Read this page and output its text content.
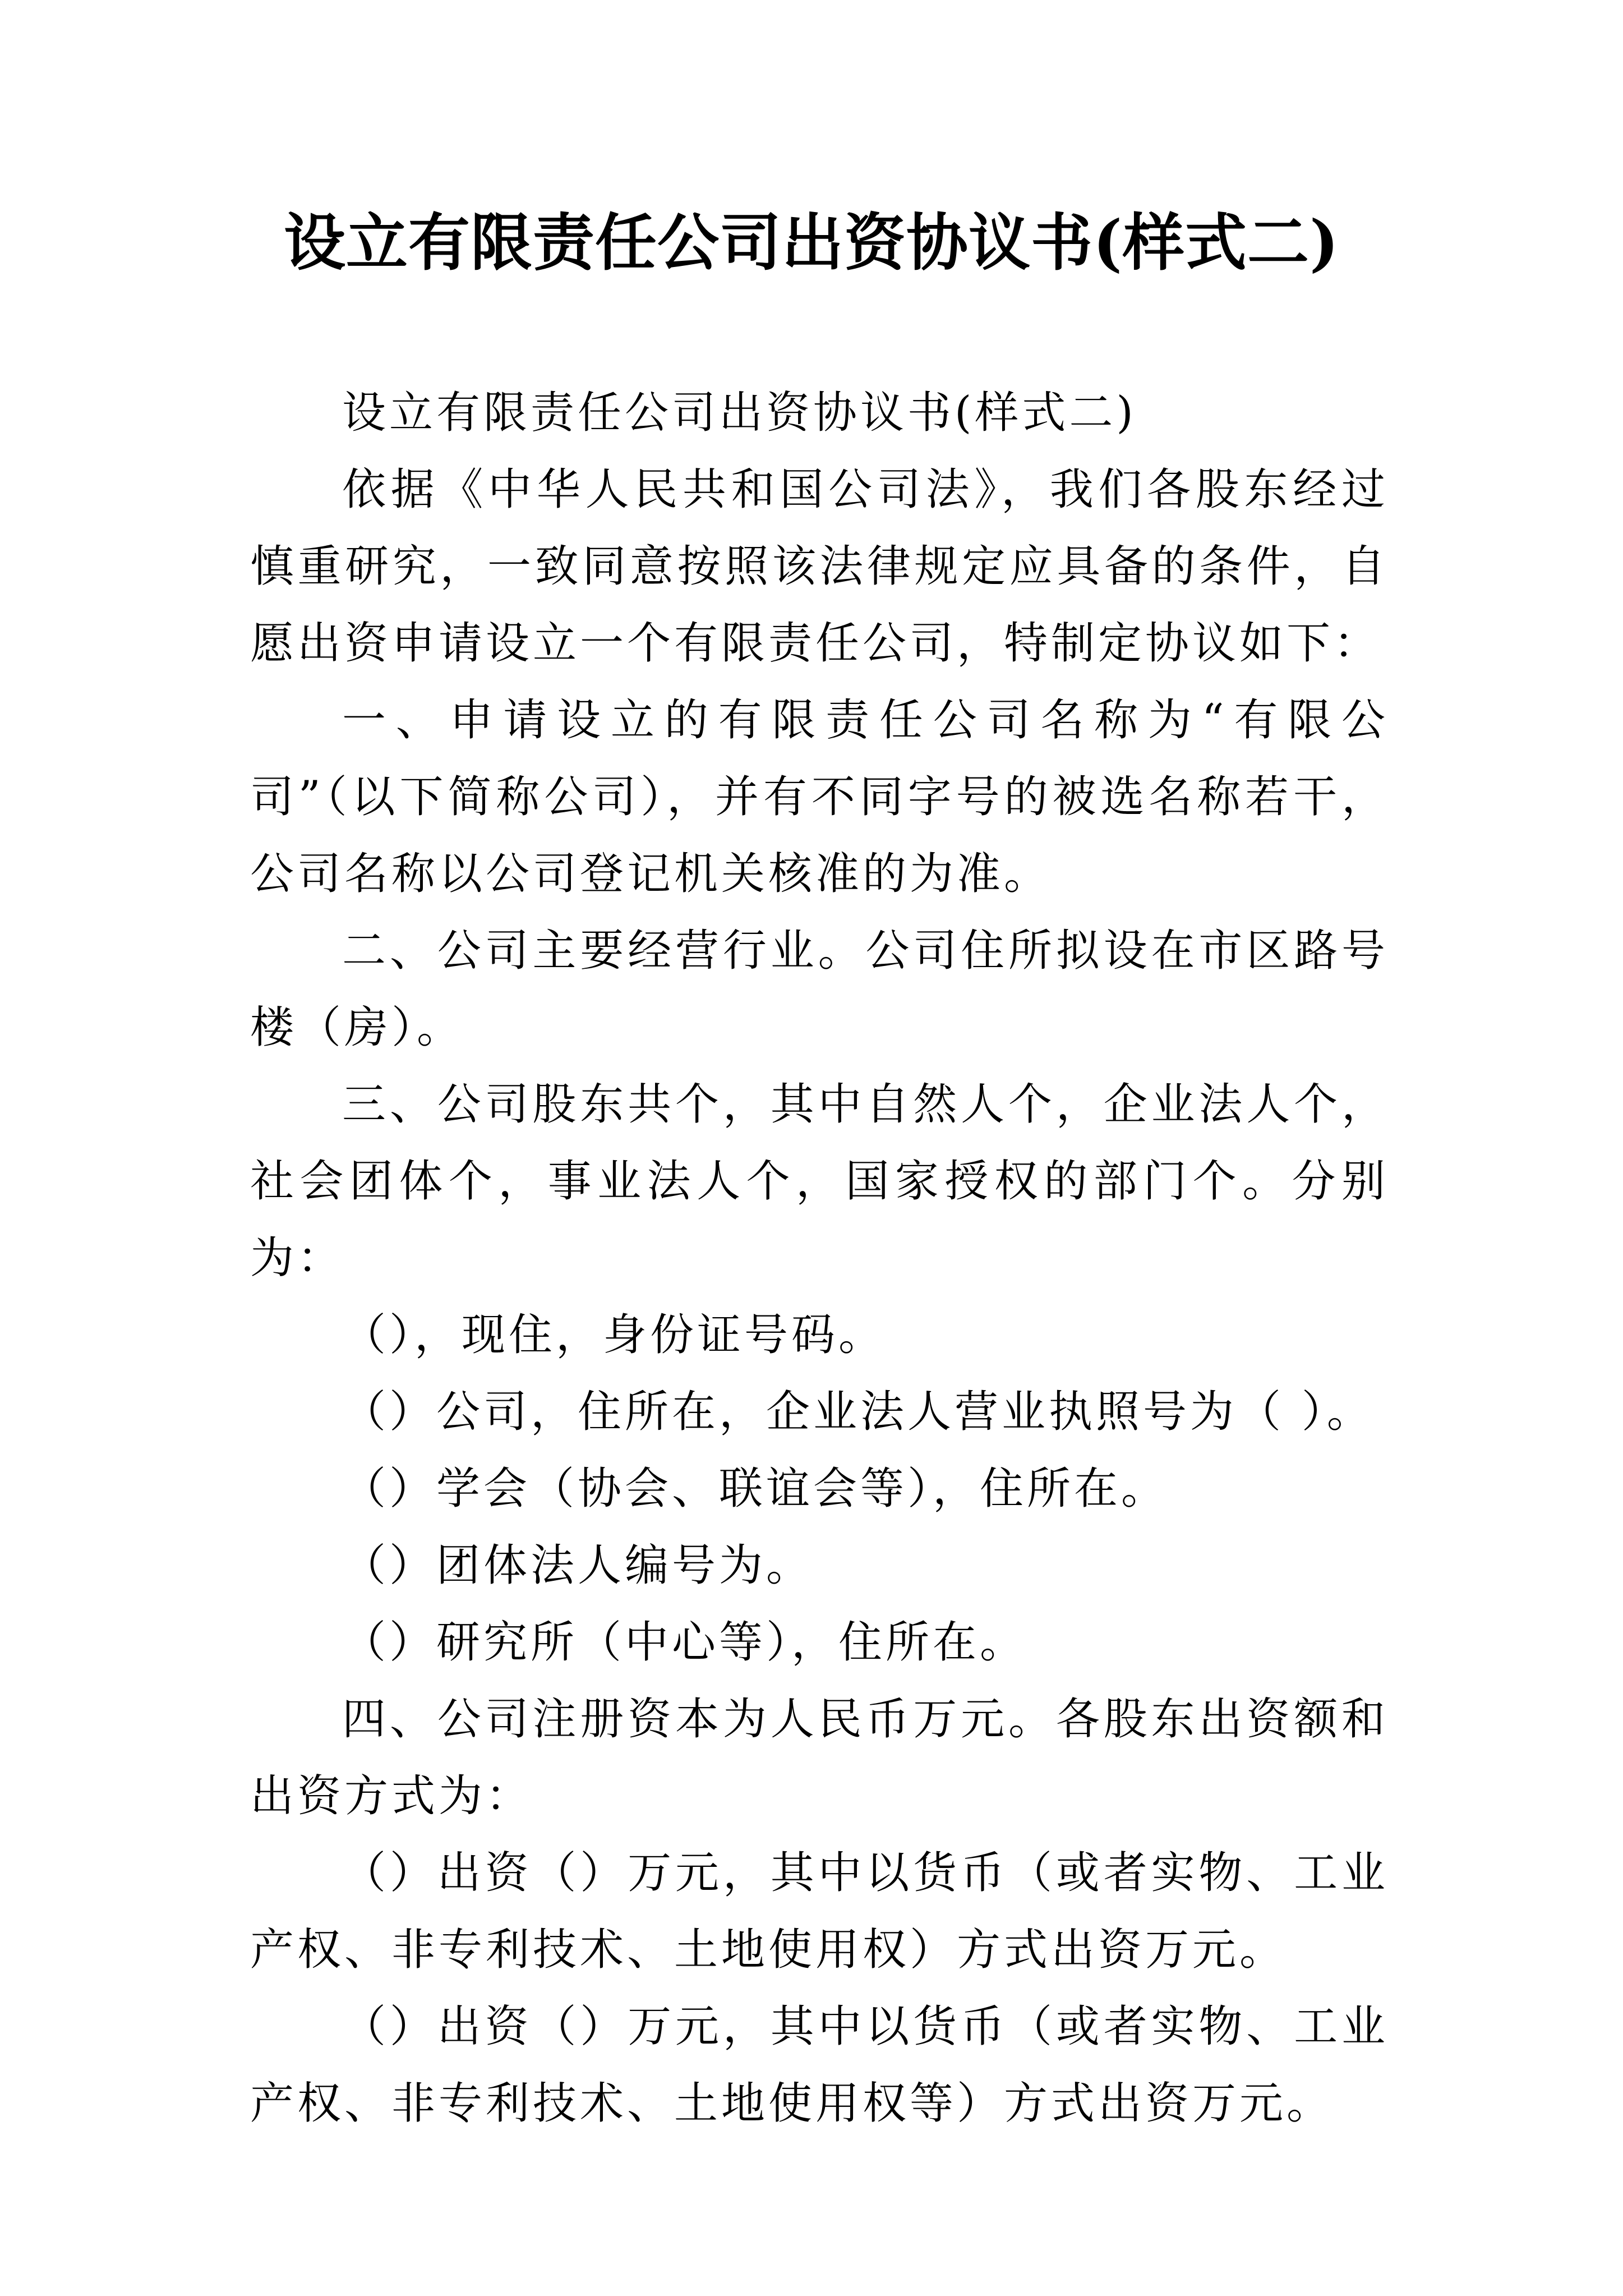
设立有限责任公司出资协议书(样式二)

设立有限责任公司出资协议书(样式二)

依据《中华人民共和国公司法》，我们各股东经过慎重研究，一致同意按照该法律规定应具备的条件，自愿出资申请设立一个有限责任公司，特制定协议如下：

一、申请设立的有限责任公司名称为“有限公司”（以下简称公司），并有不同字号的被选名称若干，公司名称以公司登记机关核准的为准。

二、公司主要经营行业。公司住所拟设在市区路号楼（房）。

三、公司股东共个，其中自然人个，企业法人个，社会团体个，事业法人个，国家授权的部门个。分别为：

（），现住，身份证号码。

（）公司，住所在，企业法人营业执照号为（ ）。

（）学会（协会、联谊会等），住所在。

（）团体法人编号为。

（）研究所（中心等），住所在。

四、公司注册资本为人民币万元。各股东出资额和出资方式为：

（）出资（）万元，其中以货币（或者实物、工业产权、非专利技术、土地使用权）方式出资万元。

（）出资（）万元，其中以货币（或者实物、工业产权、非专利技术、土地使用权等）方式出资万元。
